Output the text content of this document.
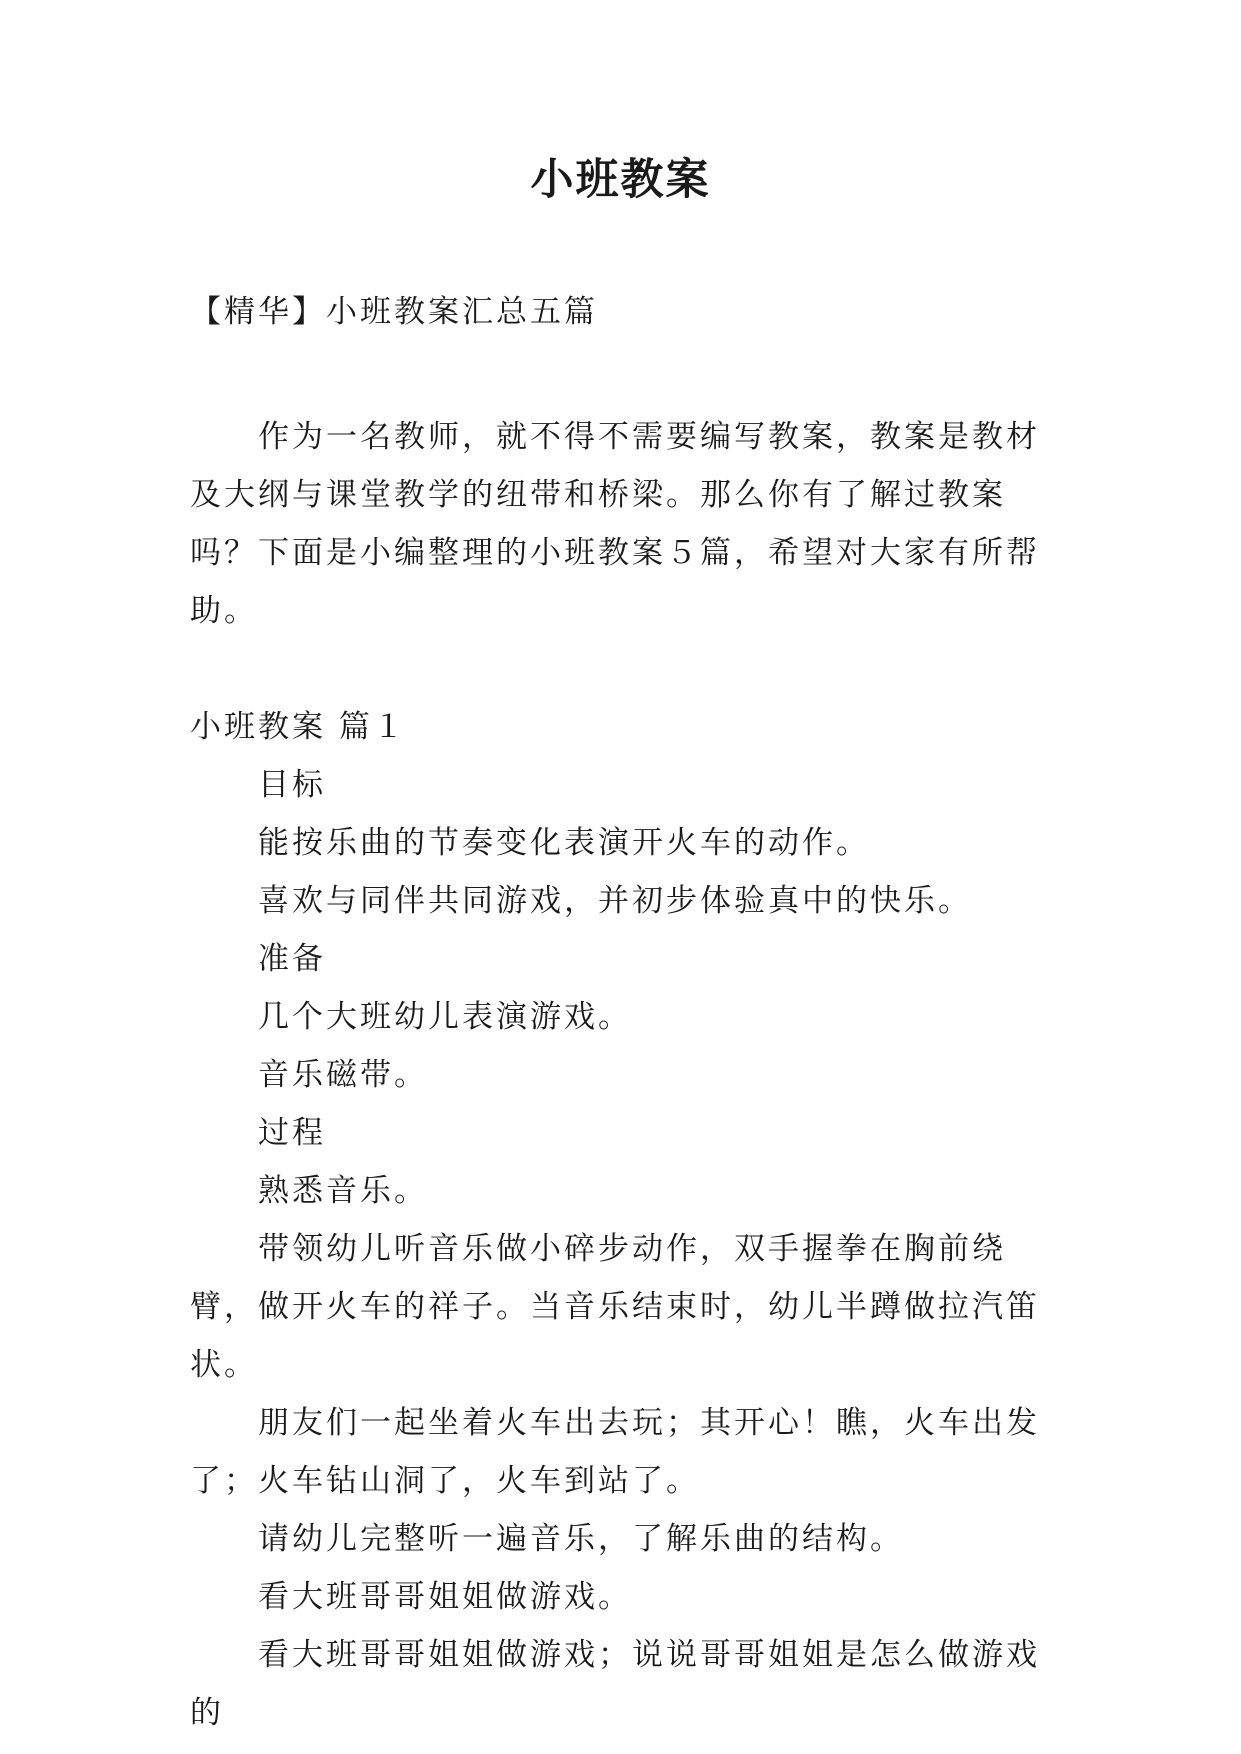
小班教案

【精华】小班教案汇总五篇

作为一名教师，就不得不需要编写教案，教案是教材及大纲与课堂教学的纽带和桥梁。那么你有了解过教案吗？下面是小编整理的小班教案５篇，希望对大家有所帮助。

小班教案 篇１

目标

能按乐曲的节奏变化表演开火车的动作。

喜欢与同伴共同游戏，并初步体验真中的快乐。

准备

几个大班幼儿表演游戏。

音乐磁带。

过程

熟悉音乐。

带领幼儿听音乐做小碎步动作，双手握拳在胸前绕臂，做开火车的祥子。当音乐结束时，幼儿半蹲做拉汽笛状。

朋友们一起坐着火车出去玩；其开心！瞧，火车出发了；火车钻山洞了，火车到站了。

请幼儿完整听一遍音乐，了解乐曲的结构。

看大班哥哥姐姐做游戏。

看大班哥哥姐姐做游戏；说说哥哥姐姐是怎么做游戏的
